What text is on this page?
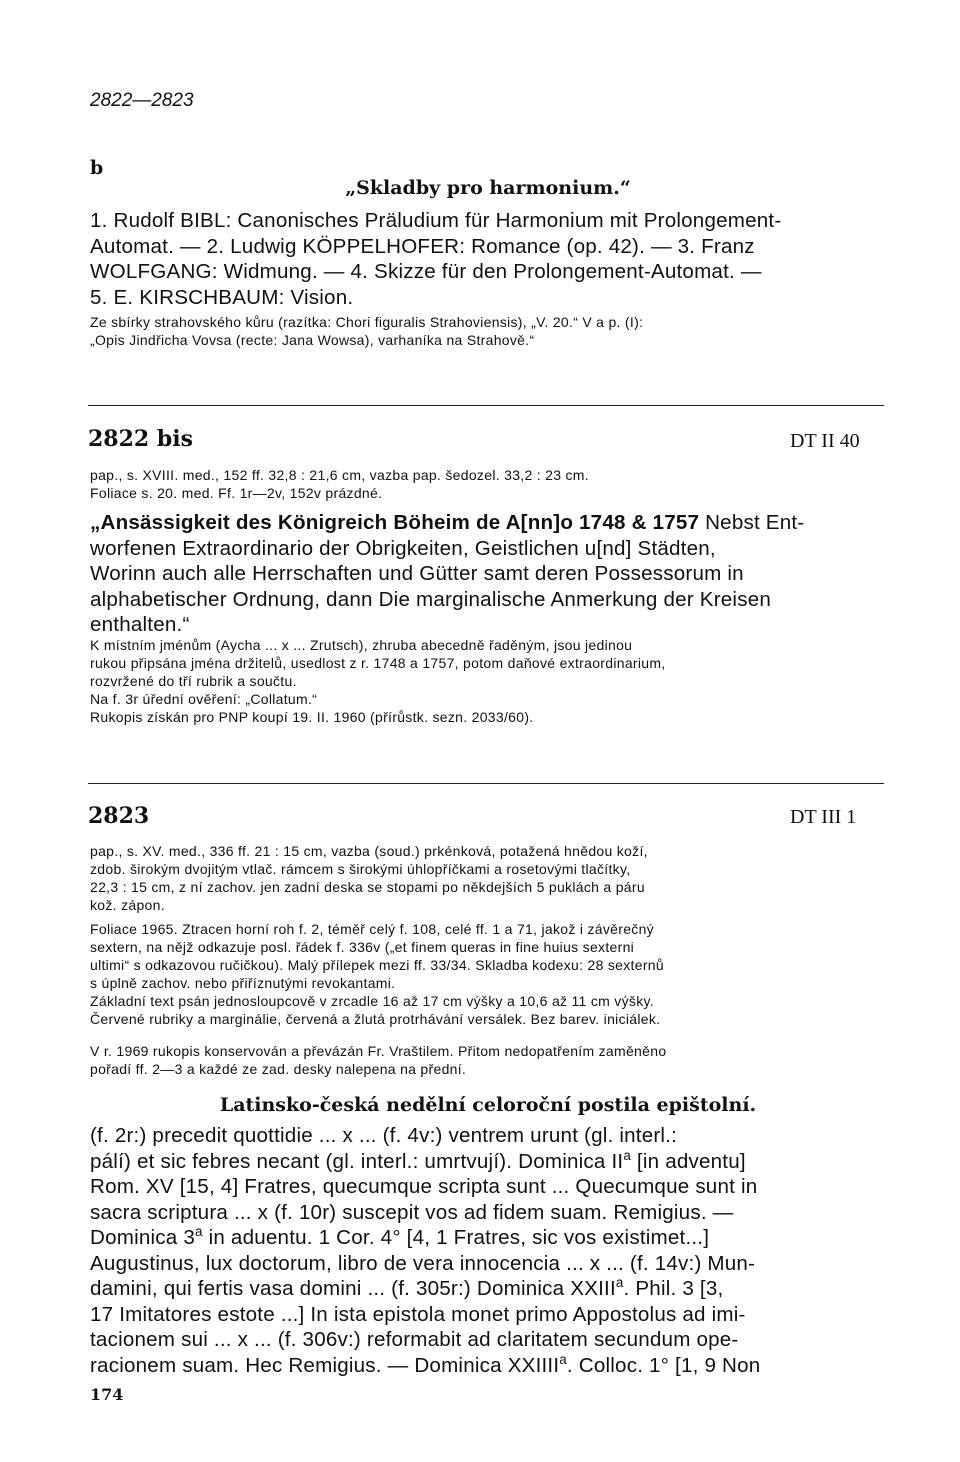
2822—2823
b
„Skladby pro harmonium.“
1. Rudolf BIBL: Canonisches Präludium für Harmonium mit Prolongement-
Automat. — 2. Ludwig KÖPPELHOFER: Romance (op. 42). — 3. Franz
WOLFGANG: Widmung. — 4. Skizze für den Prolongement-Automat. —
5. E. KIRSCHBAUM: Vision.
Ze sbírky strahovského kůru (razítka: Chori figuralis Strahoviensis), „V. 20.“ V a p. (I):
„Opis Jindřicha Vovsa (recte: Jana Wowsa), varhaníka na Strahově.“
2822 bis	DT II 40
pap., s. XVIII. med., 152 ff. 32,8 : 21,6 cm, vazba pap. šedozel. 33,2 : 23 cm.
Foliace s. 20. med. Ff. 1r—2v, 152v prázdné.
„Ansässigkeit des Königreich Böheim de A[nn]o 1748 & 1757 Nebst Ent-
worfenen Extraordinario der Obrigkeiten, Geistlichen u[nd] Städten,
Worinn auch alle Herrschaften und Gütter samt deren Possessorum in
alphabetischer Ordnung, dann Die marginalische Anmerkung der Kreisen
enthalten.“
K místním jménům (Aycha ... x ... Zrutsch), zhruba abecedně řaděným, jsou jedinou
rukou připsána jména držitelů, usedlost z r. 1748 a 1757, potom daňové extraordinarium,
rozvržené do tří rubrik a součtu.
Na f. 3r úřední ověření: „Collatum.“
Rukopis získán pro PNP koupí 19. II. 1960 (přírůstk. sezn. 2033/60).
2823	DT III 1
pap., s. XV. med., 336 ff. 21 : 15 cm, vazba (soud.) prkénková, potažená hnědou koží,
zdob. širokým dvojitým vtlač. rámcem s širokými úhlopříčkami a rosetovými tlačítky,
22,3 : 15 cm, z ní zachov. jen zadní deska se stopami po někdejších 5 puklách a páru
kož. zápon.
Foliace 1965. Ztracen horní roh f. 2, téměř celý f. 108, celé ff. 1 a 71, jakož i závěrečný
sextern, na nějž odkazuje posl. řádek f. 336v („et finem queras in fine huius sexterni
ultimi“ s odkazovou ručičkou). Malý přílepek mezi ff. 33/34. Skladba kodexu: 28 sexternů
s úplně zachov. nebo přiříznutými revokantami.
Základní text psán jednosloupcově v zrcadle 16 až 17 cm výšky a 10,6 až 11 cm výšky.
Červené rubriky a marginálie, červená a žlutá protrhávání versálek. Bez barev. iniciálek.
V r. 1969 rukopis konservován a převázán Fr. Vraštilem. Přitom nedopatřením zaměněno
pořadí ff. 2—3 a každé ze zad. desky nalepena na přední.
Latinsko-česká nedělní celoroční postila epištolní.
(f. 2r:) precedit quottidie ... x ... (f. 4v:) ventrem urunt (gl. interl.:
pálí) et sic febres necant (gl. interl.: umrtvují). Dominica $II^a$ [in adventu]
Rom. XV [15, 4] Fratres, quecumque scripta sunt ... Quecumque sunt in
sacra scriptura ... x (f. 10r) suscepit vos ad fidem suam. Remigius. —
Dominica 3$^a$ in aduentu. 1 Cor. 4° [4, 1 Fratres, sic vos existimet...]
Augustinus, lux doctorum, libro de vera innocencia ... x ... (f. 14v:) Mun-
damini, qui fertis vasa domini ... (f. 305r:) Dominica XXIII$^a$. Phil. 3 [3,
17 Imitatores estote ...] In ista epistola monet primo Appostolus ad imi-
tacionem sui ... x ... (f. 306v:) reformabit ad claritatem secundum ope-
racionem suam. Hec Remigius. — Dominica XXIIII$^a$. Colloc. 1° [1, 9 Non
174
